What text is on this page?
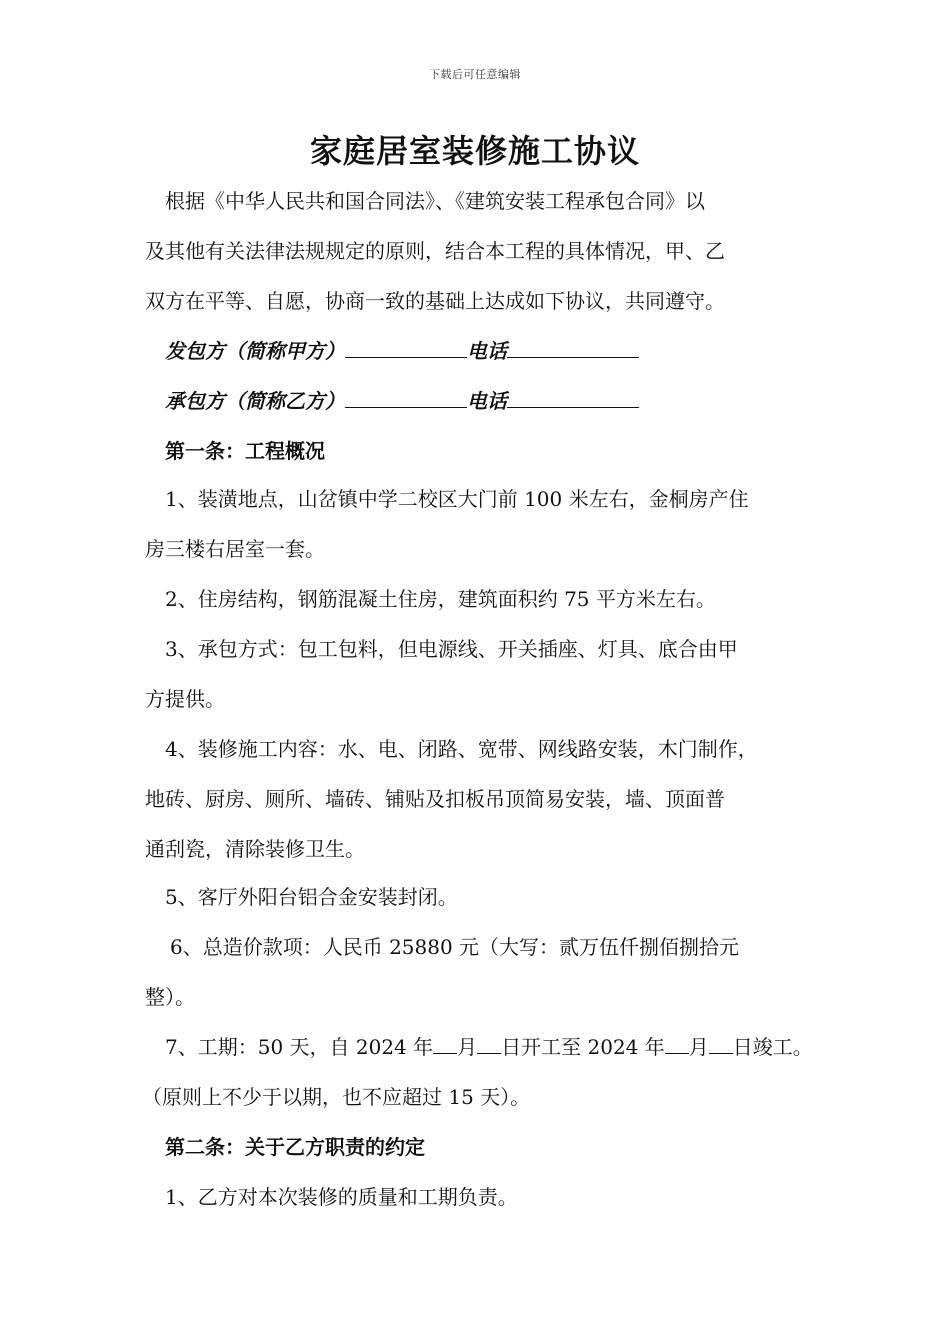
下载后可任意编辑
家庭居室装修施工协议

根据《中华人民共和国合同法》、《建筑安装工程承包合同》以

及其他有关法律法规规定的原则，结合本工程的具体情况，甲、乙

双方在平等、自愿，协商一致的基础上达成如下协议，共同遵守。

发包方（简称甲方）	电话

承包方（简称乙方）	电话

第一条：工程概况

1、装潢地点，山岔镇中学二校区大门前 100 米左右，金桐房产住

房三楼右居室一套。

2、住房结构，钢筋混凝土住房，建筑面积约 75 平方米左右。

3、承包方式：包工包料，但电源线、开关插座、灯具、底合由甲

方提供。

4、装修施工内容：水、电、闭路、宽带、网线路安装，木门制作，

地砖、厨房、厕所、墙砖、铺贴及扣板吊顶简易安装，墙、顶面普

通刮瓷，清除装修卫生。

5、客厅外阳台铝合金安装封闭。

6、总造价款项：人民币 25880 元（大写：贰万伍仟捌佰捌拾元

整）。

7、工期：50 天，自 2024 年 月 日开工至 2024 年 月 日竣工。

（原则上不少于以期，也不应超过 15 天）。

第二条：关于乙方职责的约定

1、乙方对本次装修的质量和工期负责。
